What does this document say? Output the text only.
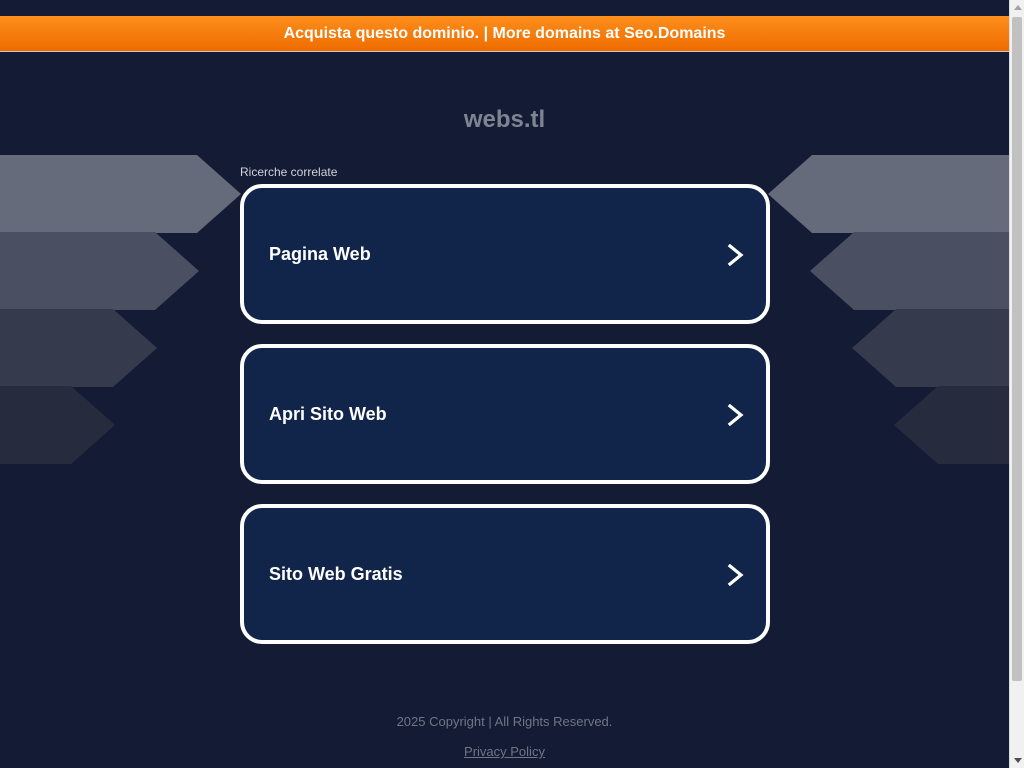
Acquista questo dominio. | More domains at Seo.Domains
webs.tl
Ricerche correlate
Pagina Web
Apri Sito Web
Sito Web Gratis
2025 Copyright | All Rights Reserved.
Privacy Policy
